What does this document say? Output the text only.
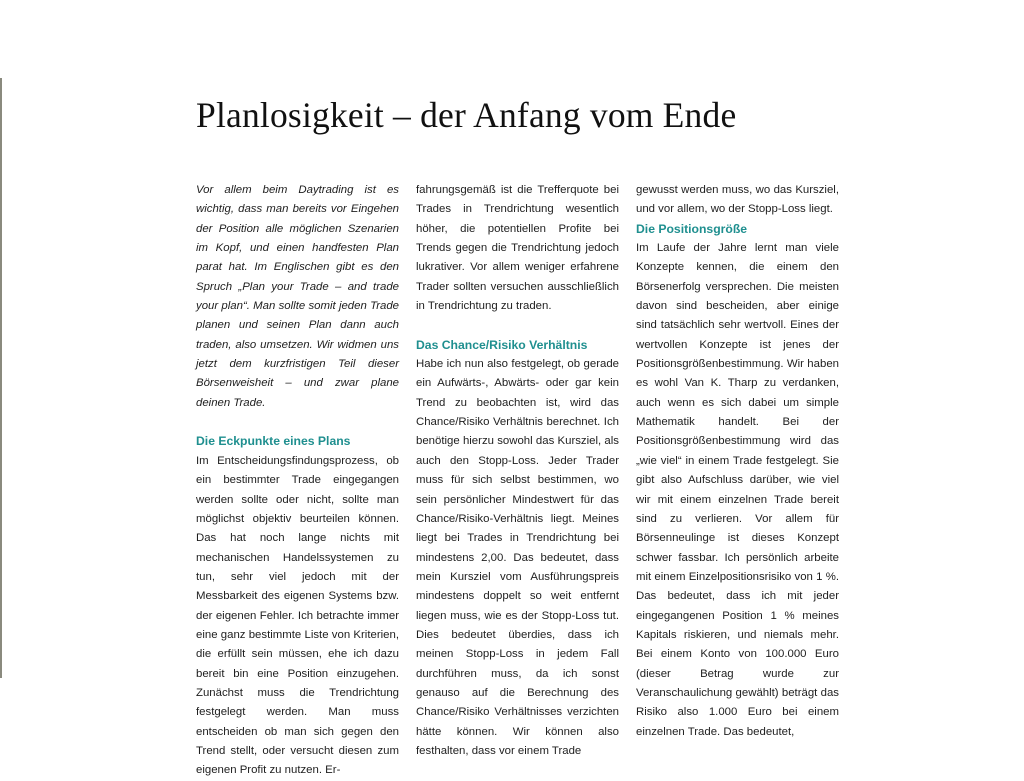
Planlosigkeit – der Anfang vom Ende

Vor allem beim Daytrading ist es wichtig, dass man bereits vor Eingehen der Position alle möglichen Szenarien im Kopf, und einen handfesten Plan parat hat. Im Englischen gibt es den Spruch „Plan your Trade – and trade your plan“. Man sollte somit jeden Trade planen und seinen Plan dann auch traden, also umsetzen. Wir widmen uns jetzt dem kurzfristigen Teil dieser Börsenweisheit – und zwar plane deinen Trade.

Die Eckpunkte eines Plans

Im Entscheidungsfindungsprozess, ob ein bestimmter Trade eingegangen werden sollte oder nicht, sollte man möglichst objektiv beurteilen können. Das hat noch lange nichts mit mechanischen Handelssystemen zu tun, sehr viel jedoch mit der Messbarkeit des eigenen Systems bzw. der eigenen Fehler. Ich betrachte immer eine ganz bestimmte Liste von Kriterien, die erfüllt sein müssen, ehe ich dazu bereit bin eine Position einzugehen. Zunächst muss die Trendrichtung festgelegt werden. Man muss entscheiden ob man sich gegen den Trend stellt, oder versucht diesen zum eigenen Profit zu nutzen. Er-

fahrungsgemäß ist die Trefferquote bei Trades in Trendrichtung wesentlich höher, die potentiellen Profite bei Trends gegen die Trendrichtung jedoch lukrativer. Vor allem weniger erfahrene Trader sollten versuchen ausschließlich in Trendrichtung zu traden.

Das Chance/Risiko Verhältnis

Habe ich nun also festgelegt, ob gerade ein Aufwärts-, Abwärts- oder gar kein Trend zu beobachten ist, wird das Chance/Risiko Verhältnis berechnet. Ich benötige hierzu sowohl das Kursziel, als auch den Stopp-Loss. Jeder Trader muss für sich selbst bestimmen, wo sein persönlicher Mindestwert für das Chance/Risiko-Verhältnis liegt. Meines liegt bei Trades in Trendrichtung bei mindestens 2,00. Das bedeutet, dass mein Kursziel vom Ausführungspreis mindestens doppelt so weit entfernt liegen muss, wie es der Stopp-Loss tut. Dies bedeutet überdies, dass ich meinen Stopp-Loss in jedem Fall durchführen muss, da ich sonst genauso auf die Berechnung des Chance/Risiko Verhältnisses verzichten hätte können. Wir können also festhalten, dass vor einem Trade

gewusst werden muss, wo das Kursziel, und vor allem, wo der Stopp-Loss liegt.

Die Positionsgröße

Im Laufe der Jahre lernt man viele Konzepte kennen, die einem den Börsenerfolg versprechen. Die meisten davon sind bescheiden, aber einige sind tatsächlich sehr wertvoll. Eines der wertvollen Konzepte ist jenes der Positionsgrößenbestimmung. Wir haben es wohl Van K. Tharp zu verdanken, auch wenn es sich dabei um simple Mathematik handelt. Bei der Positionsgrößenbestimmung wird das „wie viel“ in einem Trade festgelegt. Sie gibt also Aufschluss darüber, wie viel wir mit einem einzelnen Trade bereit sind zu verlieren. Vor allem für Börsenneulinge ist dieses Konzept schwer fassbar. Ich persönlich arbeite mit einem Einzelpositionsrisiko von 1 %. Das bedeutet, dass ich mit jeder eingegangenen Position 1 % meines Kapitals riskieren, und niemals mehr. Bei einem Konto von 100.000 Euro (dieser Betrag wurde zur Veranschaulichung gewählt) beträgt das Risiko also 1.000 Euro bei einem einzelnen Trade. Das bedeutet,
